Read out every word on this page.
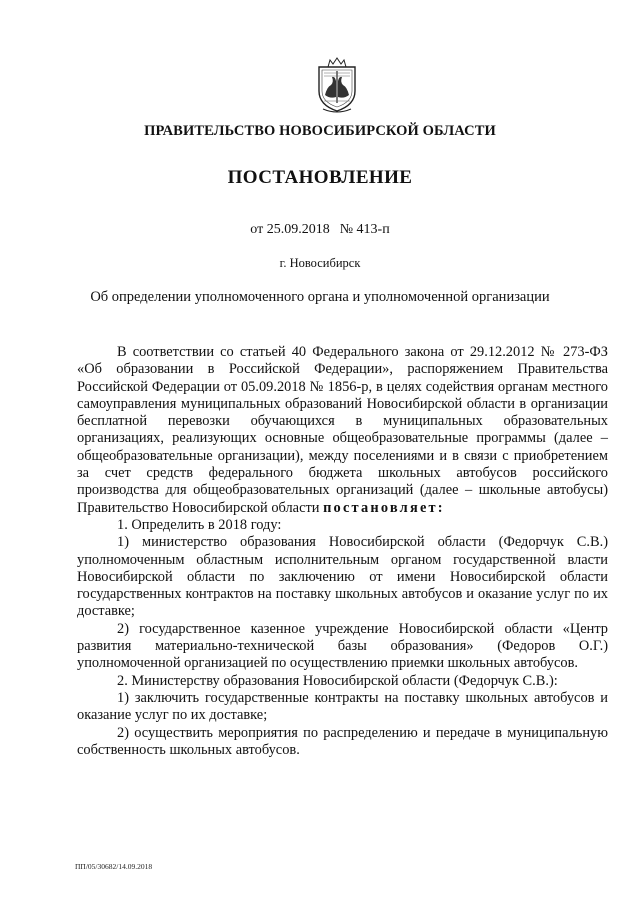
ПРАВИТЕЛЬСТВО НОВОСИБИРСКОЙ ОБЛАСТИ
ПОСТАНОВЛЕНИЕ
от 25.09.2018 № 413-п
г. Новосибирск
Об определении уполномоченного органа и уполномоченной организации

В соответствии со статьей 40 Федерального закона от 29.12.2012 № 273-ФЗ «Об образовании в Российской Федерации», распоряжением Правительства Российской Федерации от 05.09.2018 № 1856-р, в целях содействия органам местного самоуправления муниципальных образований Новосибирской области в организации бесплатной перевозки обучающихся в муниципальных образовательных организациях, реализующих основные общеобразовательные программы (далее – общеобразовательные организации), между поселениями и в связи с приобретением за счет средств федерального бюджета школьных автобусов российского производства для общеобразовательных организаций (далее – школьные автобусы) Правительство Новосибирской области постановляет:

1. Определить в 2018 году:

1) министерство образования Новосибирской области (Федорчук С.В.) уполномоченным областным исполнительным органом государственной власти Новосибирской области по заключению от имени Новосибирской области государственных контрактов на поставку школьных автобусов и оказание услуг по их доставке;

2) государственное казенное учреждение Новосибирской области «Центр развития материально-технической базы образования» (Федоров О.Г.) уполномоченной организацией по осуществлению приемки школьных автобусов.

2. Министерству образования Новосибирской области (Федорчук С.В.):

1) заключить государственные контракты на поставку школьных автобусов и оказание услуг по их доставке;

2) осуществить мероприятия по распределению и передаче в муниципальную собственность школьных автобусов.

ПП/05/30682/14.09.2018
